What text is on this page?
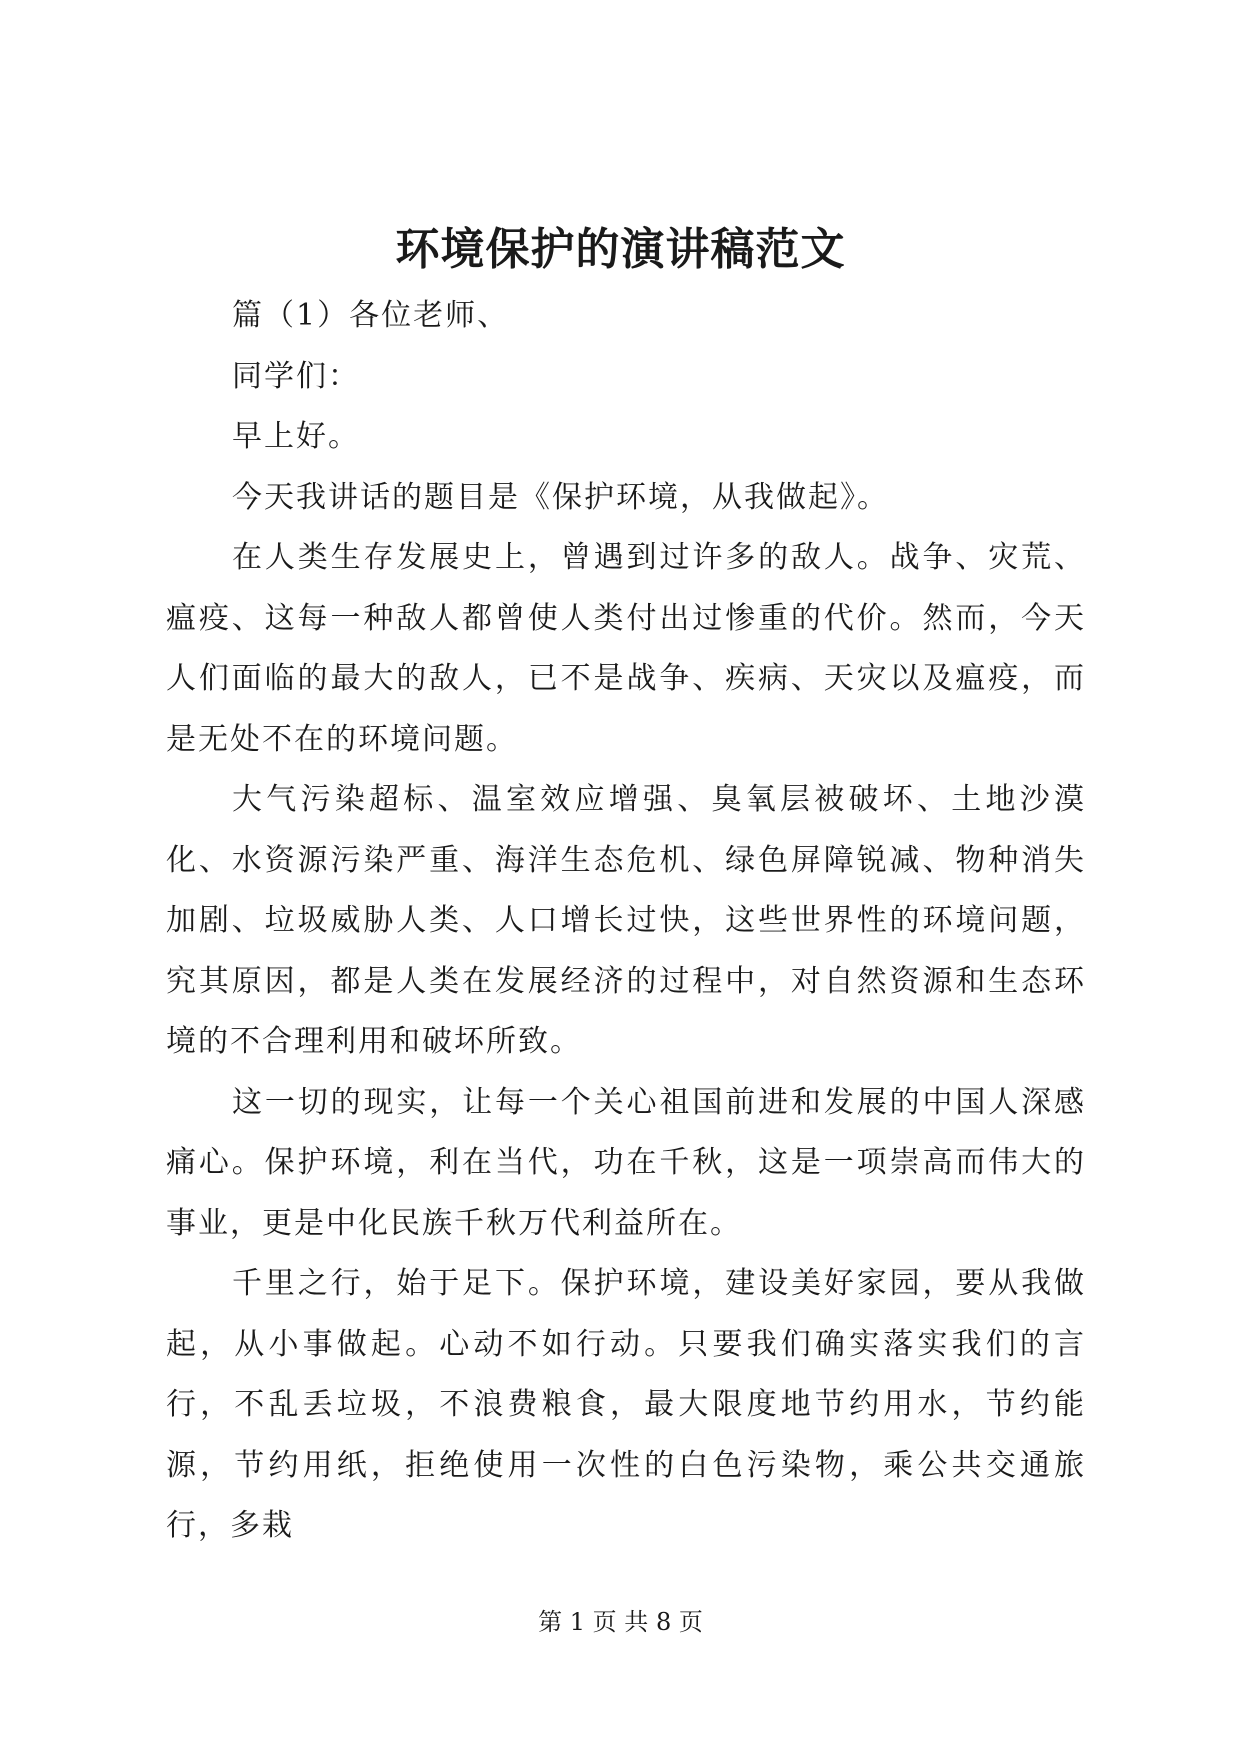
环境保护的演讲稿范文

篇（1）各位老师、

同学们：

早上好。

今天我讲话的题目是《保护环境，从我做起》。

在人类生存发展史上，曾遇到过许多的敌人。战争、灾荒、瘟疫、这每一种敌人都曾使人类付出过惨重的代价。然而，今天人们面临的最大的敌人，已不是战争、疾病、天灾以及瘟疫，而是无处不在的环境问题。

大气污染超标、温室效应增强、臭氧层被破坏、土地沙漠化、水资源污染严重、海洋生态危机、绿色屏障锐减、物种消失加剧、垃圾威胁人类、人口增长过快，这些世界性的环境问题，究其原因，都是人类在发展经济的过程中，对自然资源和生态环境的不合理利用和破坏所致。

这一切的现实，让每一个关心祖国前进和发展的中国人深感痛心。保护环境，利在当代，功在千秋，这是一项崇高而伟大的事业，更是中化民族千秋万代利益所在。

千里之行，始于足下。保护环境，建设美好家园，要从我做起，从小事做起。心动不如行动。只要我们确实落实我们的言行，不乱丢垃圾，不浪费粮食，最大限度地节约用水，节约能源，节约用纸，拒绝使用一次性的白色污染物，乘公共交通旅行，多栽

第 1 页 共 8 页
